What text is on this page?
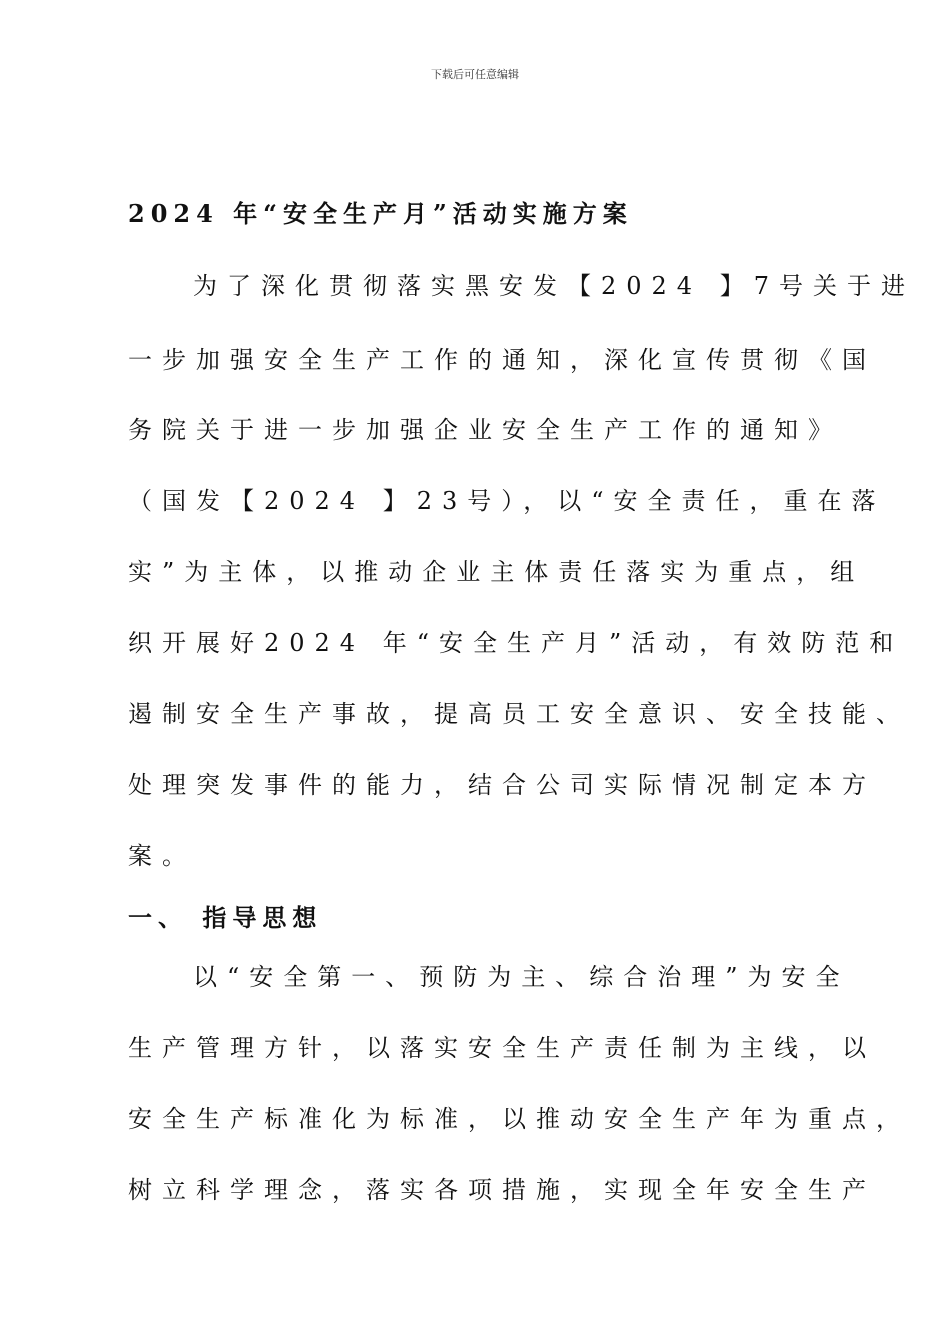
下载后可任意编辑
2024 年“安全生产月”活动实施方案
为了深化贯彻落实黑安发【2024 】7号关于进
一步加强安全生产工作的通知，深化宣传贯彻《国
务院关于进一步加强企业安全生产工作的通知》
（国发【2024 】23号），以“安全责任，重在落
实”为主体，以推动企业主体责任落实为重点，组
织开展好2024 年“安全生产月”活动，有效防范和
遏制安全生产事故，提高员工安全意识、安全技能、
处理突发事件的能力，结合公司实际情况制定本方
案。
一、 指导思想
以“安全第一、预防为主、综合治理”为安全
生产管理方针，以落实安全生产责任制为主线，以
安全生产标准化为标准，以推动安全生产年为重点，
树立科学理念，落实各项措施，实现全年安全生产
